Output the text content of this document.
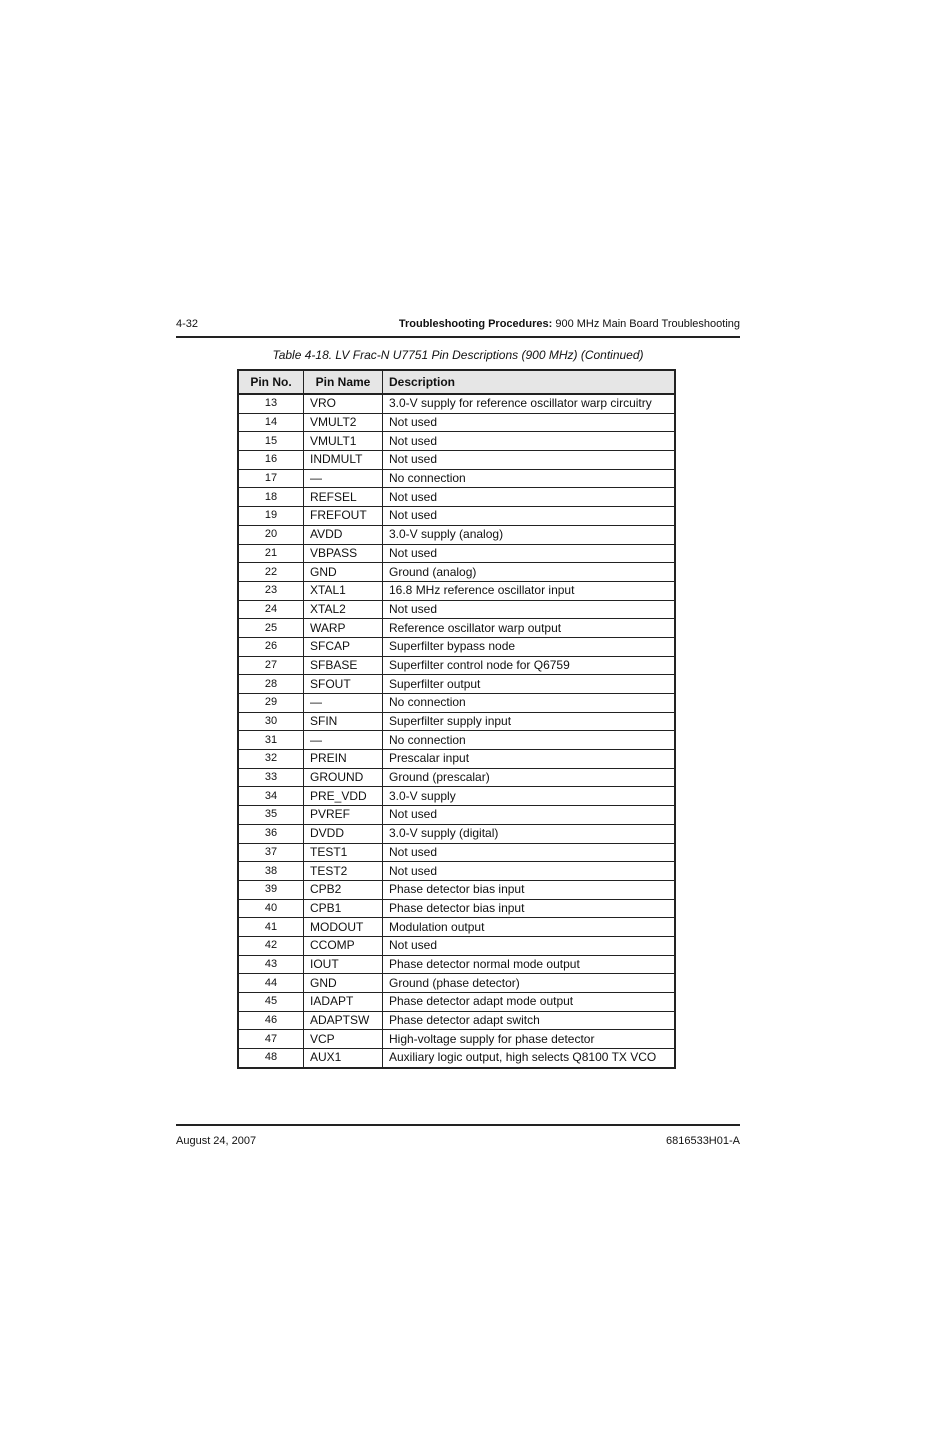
4-32	Troubleshooting Procedures: 900 MHz Main Board Troubleshooting
Table 4-18. LV Frac-N U7751 Pin Descriptions (900 MHz) (Continued)
Pin No.	Pin Name	Description
13	VRO	3.0-V supply for reference oscillator warp circuitry
14	VMULT2	Not used
15	VMULT1	Not used
16	INDMULT	Not used
17	—	No connection
18	REFSEL	Not used
19	FREFOUT	Not used
20	AVDD	3.0-V supply (analog)
21	VBPASS	Not used
22	GND	Ground (analog)
23	XTAL1	16.8 MHz reference oscillator input
24	XTAL2	Not used
25	WARP	Reference oscillator warp output
26	SFCAP	Superfilter bypass node
27	SFBASE	Superfilter control node for Q6759
28	SFOUT	Superfilter output
29	—	No connection
30	SFIN	Superfilter supply input
31	—	No connection
32	PREIN	Prescalar input
33	GROUND	Ground (prescalar)
34	PRE_VDD	3.0-V supply
35	PVREF	Not used
36	DVDD	3.0-V supply (digital)
37	TEST1	Not used
38	TEST2	Not used
39	CPB2	Phase detector bias input
40	CPB1	Phase detector bias input
41	MODOUT	Modulation output
42	CCOMP	Not used
43	IOUT	Phase detector normal mode output
44	GND	Ground (phase detector)
45	IADAPT	Phase detector adapt mode output
46	ADAPTSW	Phase detector adapt switch
47	VCP	High-voltage supply for phase detector
48	AUX1	Auxiliary logic output, high selects Q8100 TX VCO
August 24, 2007	6816533H01-A
